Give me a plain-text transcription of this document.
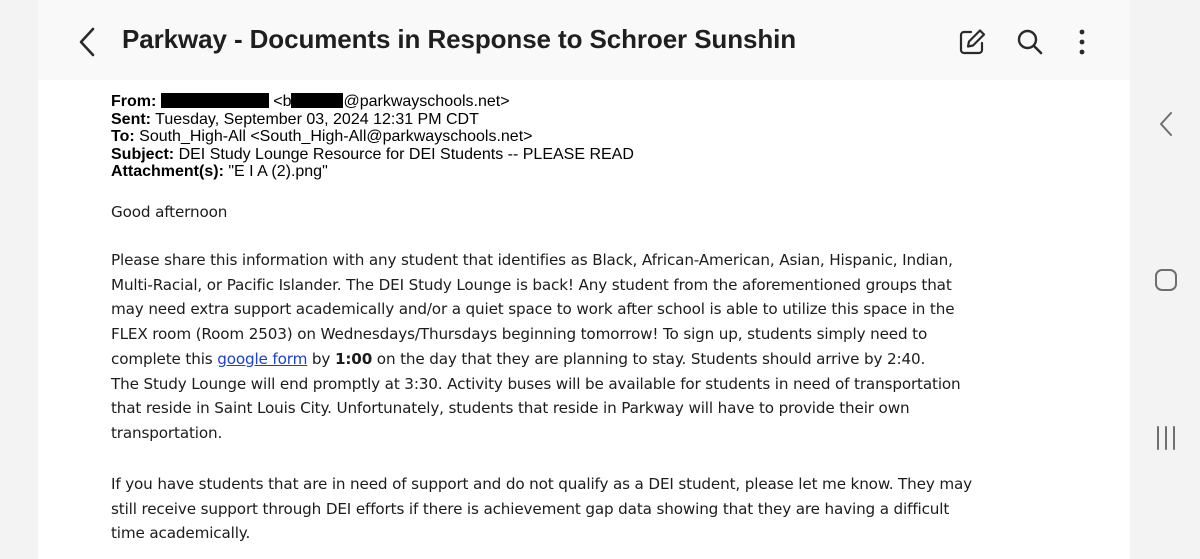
Parkway - Documents in Response to Schroer Sunshin
From:	<b	@parkwayschools.net>
Sent: Tuesday, September 03, 2024 12:31 PM CDT
To: South_High-All <South_High-All@parkwayschools.net>
Subject: DEI Study Lounge Resource for DEI Students -- PLEASE READ
Attachment(s): "E I A (2).png"
Good afternoon
Please share this information with any student that identifies as Black, African-American, Asian, Hispanic, Indian,
Multi-Racial, or Pacific Islander. The DEI Study Lounge is back! Any student from the aforementioned groups that
may need extra support academically and/or a quiet space to work after school is able to utilize this space in the
FLEX room (Room 2503) on Wednesdays/Thursdays beginning tomorrow! To sign up, students simply need to
complete this google form by 1:00 on the day that they are planning to stay. Students should arrive by 2:40.
The Study Lounge will end promptly at 3:30. Activity buses will be available for students in need of transportation
that reside in Saint Louis City. Unfortunately, students that reside in Parkway will have to provide their own
transportation.
If you have students that are in need of support and do not qualify as a DEI student, please let me know. They may
still receive support through DEI efforts if there is achievement gap data showing that they are having a difficult
time academically.
